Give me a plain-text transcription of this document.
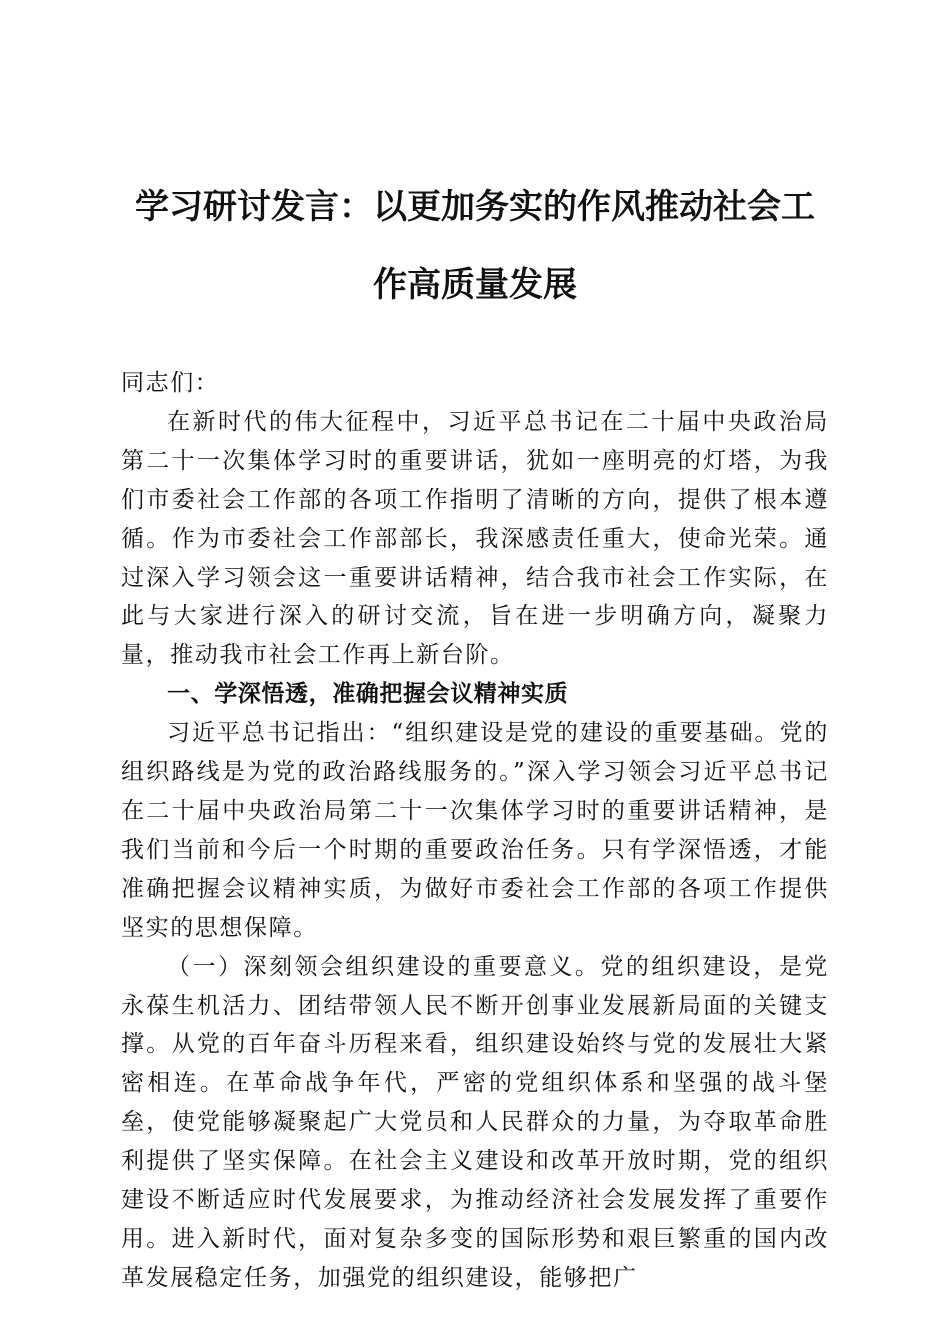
学习研讨发言：以更加务实的作风推动社会工
作高质量发展

同志们：

在新时代的伟大征程中，习近平总书记在二十届中央政治局第二十一次集体学习时的重要讲话，犹如一座明亮的灯塔，为我们市委社会工作部的各项工作指明了清晰的方向，提供了根本遵循。作为市委社会工作部部长，我深感责任重大，使命光荣。通过深入学习领会这一重要讲话精神，结合我市社会工作实际，在此与大家进行深入的研讨交流，旨在进一步明确方向，凝聚力量，推动我市社会工作再上新台阶。

一、学深悟透，准确把握会议精神实质

习近平总书记指出：“组织建设是党的建设的重要基础。党的组织路线是为党的政治路线服务的。”深入学习领会习近平总书记在二十届中央政治局第二十一次集体学习时的重要讲话精神，是我们当前和今后一个时期的重要政治任务。只有学深悟透，才能准确把握会议精神实质，为做好市委社会工作部的各项工作提供坚实的思想保障。

（一）深刻领会组织建设的重要意义。党的组织建设，是党永葆生机活力、团结带领人民不断开创事业发展新局面的关键支撑。从党的百年奋斗历程来看，组织建设始终与党的发展壮大紧密相连。在革命战争年代，严密的党组织体系和坚强的战斗堡垒，使党能够凝聚起广大党员和人民群众的力量，为夺取革命胜利提供了坚实保障。在社会主义建设和改革开放时期，党的组织建设不断适应时代发展要求，为推动经济社会发展发挥了重要作用。进入新时代，面对复杂多变的国际形势和艰巨繁重的国内改革发展稳定任务，加强党的组织建设，能够把广
